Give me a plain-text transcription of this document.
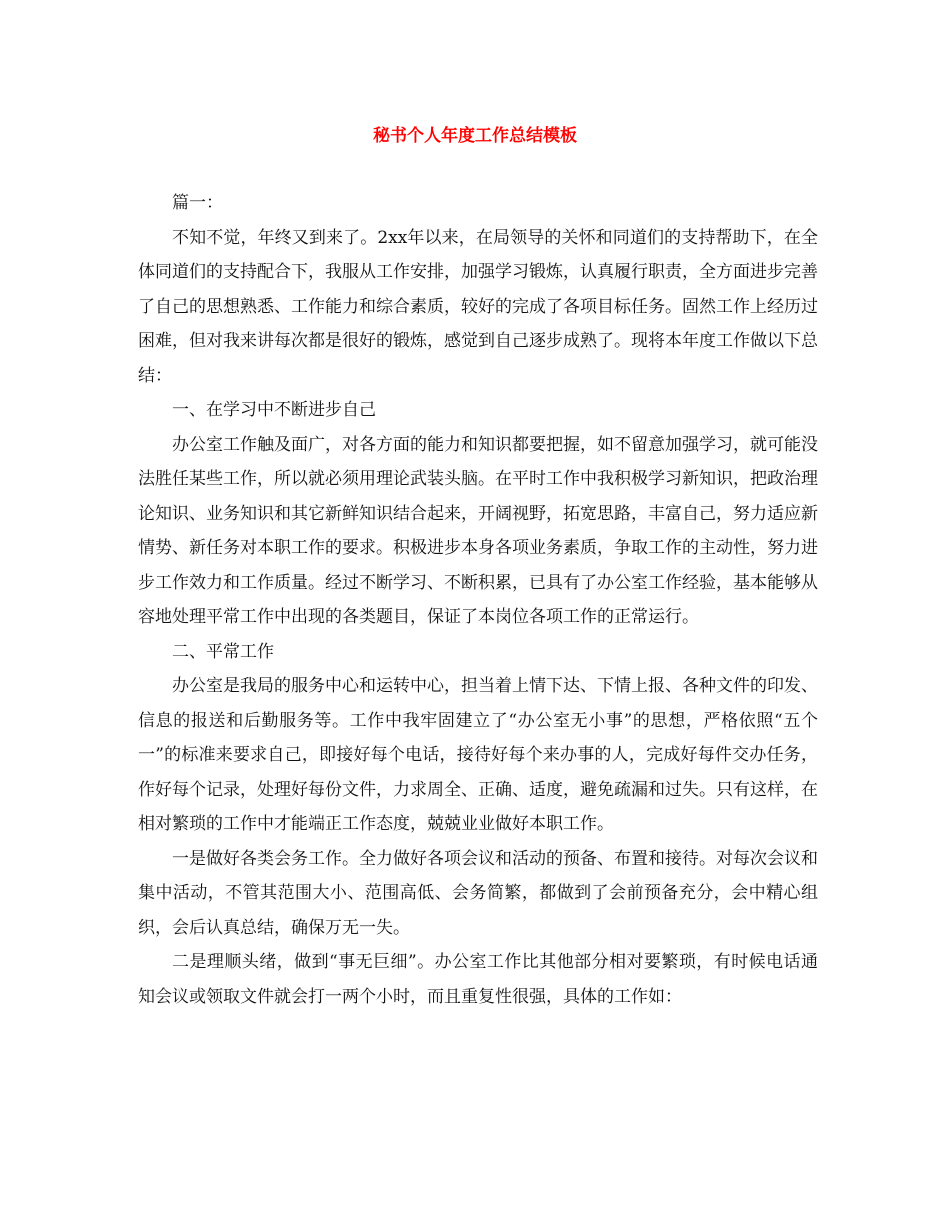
秘书个人年度工作总结模板

篇一：

不知不觉，年终又到来了。2xx年以来，在局领导的关怀和同道们的支持帮助下，在全体同道们的支持配合下，我服从工作安排，加强学习锻炼，认真履行职责，全方面进步完善了自己的思想熟悉、工作能力和综合素质，较好的完成了各项目标任务。固然工作上经历过困难，但对我来讲每次都是很好的锻炼，感觉到自己逐步成熟了。现将本年度工作做以下总结：

一、在学习中不断进步自己

办公室工作触及面广，对各方面的能力和知识都要把握，如不留意加强学习，就可能没法胜任某些工作，所以就必须用理论武装头脑。在平时工作中我积极学习新知识，把政治理论知识、业务知识和其它新鲜知识结合起来，开阔视野，拓宽思路，丰富自己，努力适应新情势、新任务对本职工作的要求。积极进步本身各项业务素质，争取工作的主动性，努力进步工作效力和工作质量。经过不断学习、不断积累，已具有了办公室工作经验，基本能够从容地处理平常工作中出现的各类题目，保证了本岗位各项工作的正常运行。

二、平常工作

办公室是我局的服务中心和运转中心，担当着上情下达、下情上报、各种文件的印发、信息的报送和后勤服务等。工作中我牢固建立了“办公室无小事”的思想，严格依照“五个一”的标准来要求自己，即接好每个电话，接待好每个来办事的人，完成好每件交办任务，作好每个记录，处理好每份文件，力求周全、正确、适度，避免疏漏和过失。只有这样，在相对繁琐的工作中才能端正工作态度，兢兢业业做好本职工作。

一是做好各类会务工作。全力做好各项会议和活动的预备、布置和接待。对每次会议和集中活动，不管其范围大小、范围高低、会务简繁，都做到了会前预备充分，会中精心组织，会后认真总结，确保万无一失。

二是理顺头绪，做到“事无巨细”。办公室工作比其他部分相对要繁琐，有时候电话通知会议或领取文件就会打一两个小时，而且重复性很强，具体的工作如：
